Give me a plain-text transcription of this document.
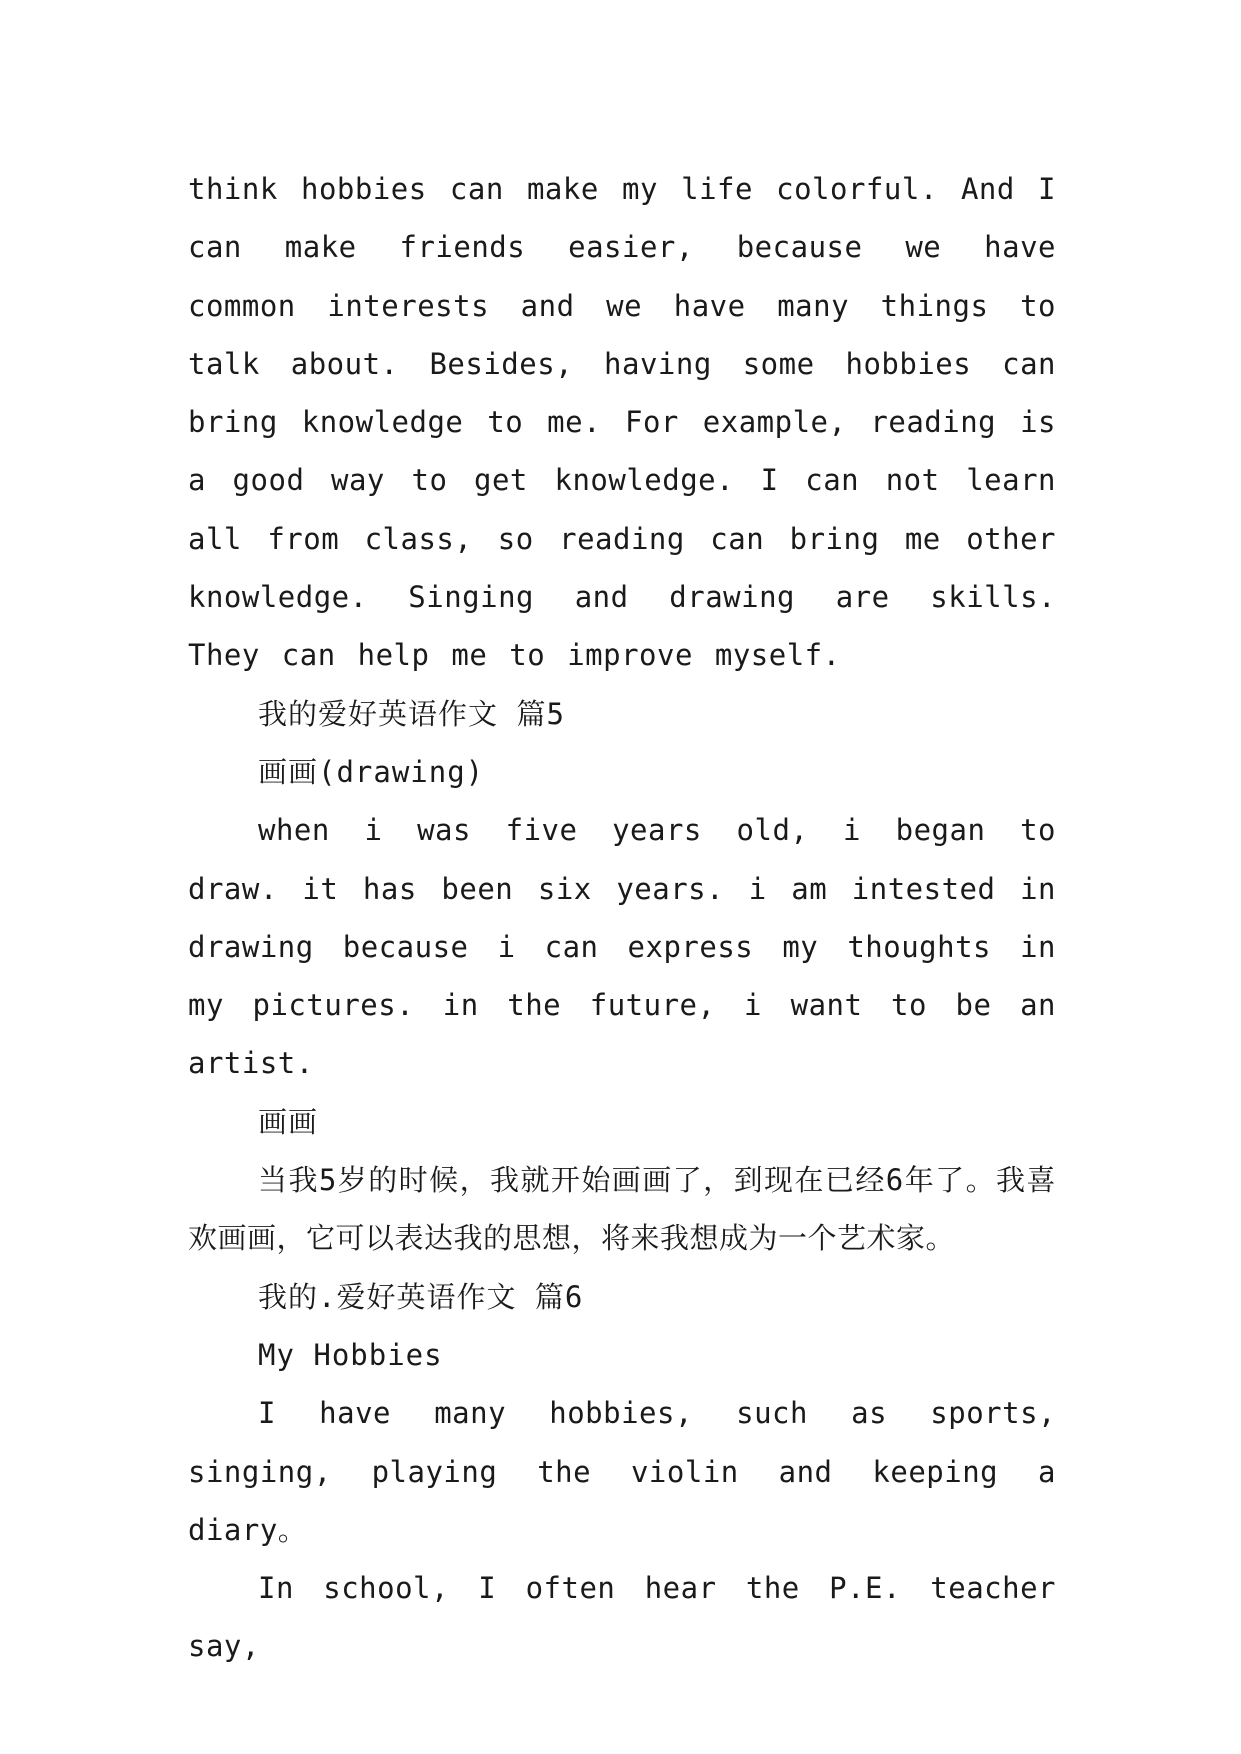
think hobbies can make my life colorful. And I can make friends easier, because we have common interests and we have many things to talk about. Besides, having some hobbies can bring knowledge to me. For example, reading is a good way to get knowledge. I can not learn all from class, so reading can bring me other knowledge. Singing and drawing are skills. They can help me to improve myself.

我的爱好英语作文 篇5

画画(drawing)

when i was five years old, i began to draw. it has been six years. i am intested in drawing because i can express my thoughts in my pictures. in the future, i want to be an artist.

画画

当我5岁的时候，我就开始画画了，到现在已经6年了。我喜欢画画，它可以表达我的思想，将来我想成为一个艺术家。

我的.爱好英语作文 篇6

My Hobbies

I have many hobbies, such as sports, singing, playing the violin and keeping a diary。

In school, I often hear the P.E. teacher say,
